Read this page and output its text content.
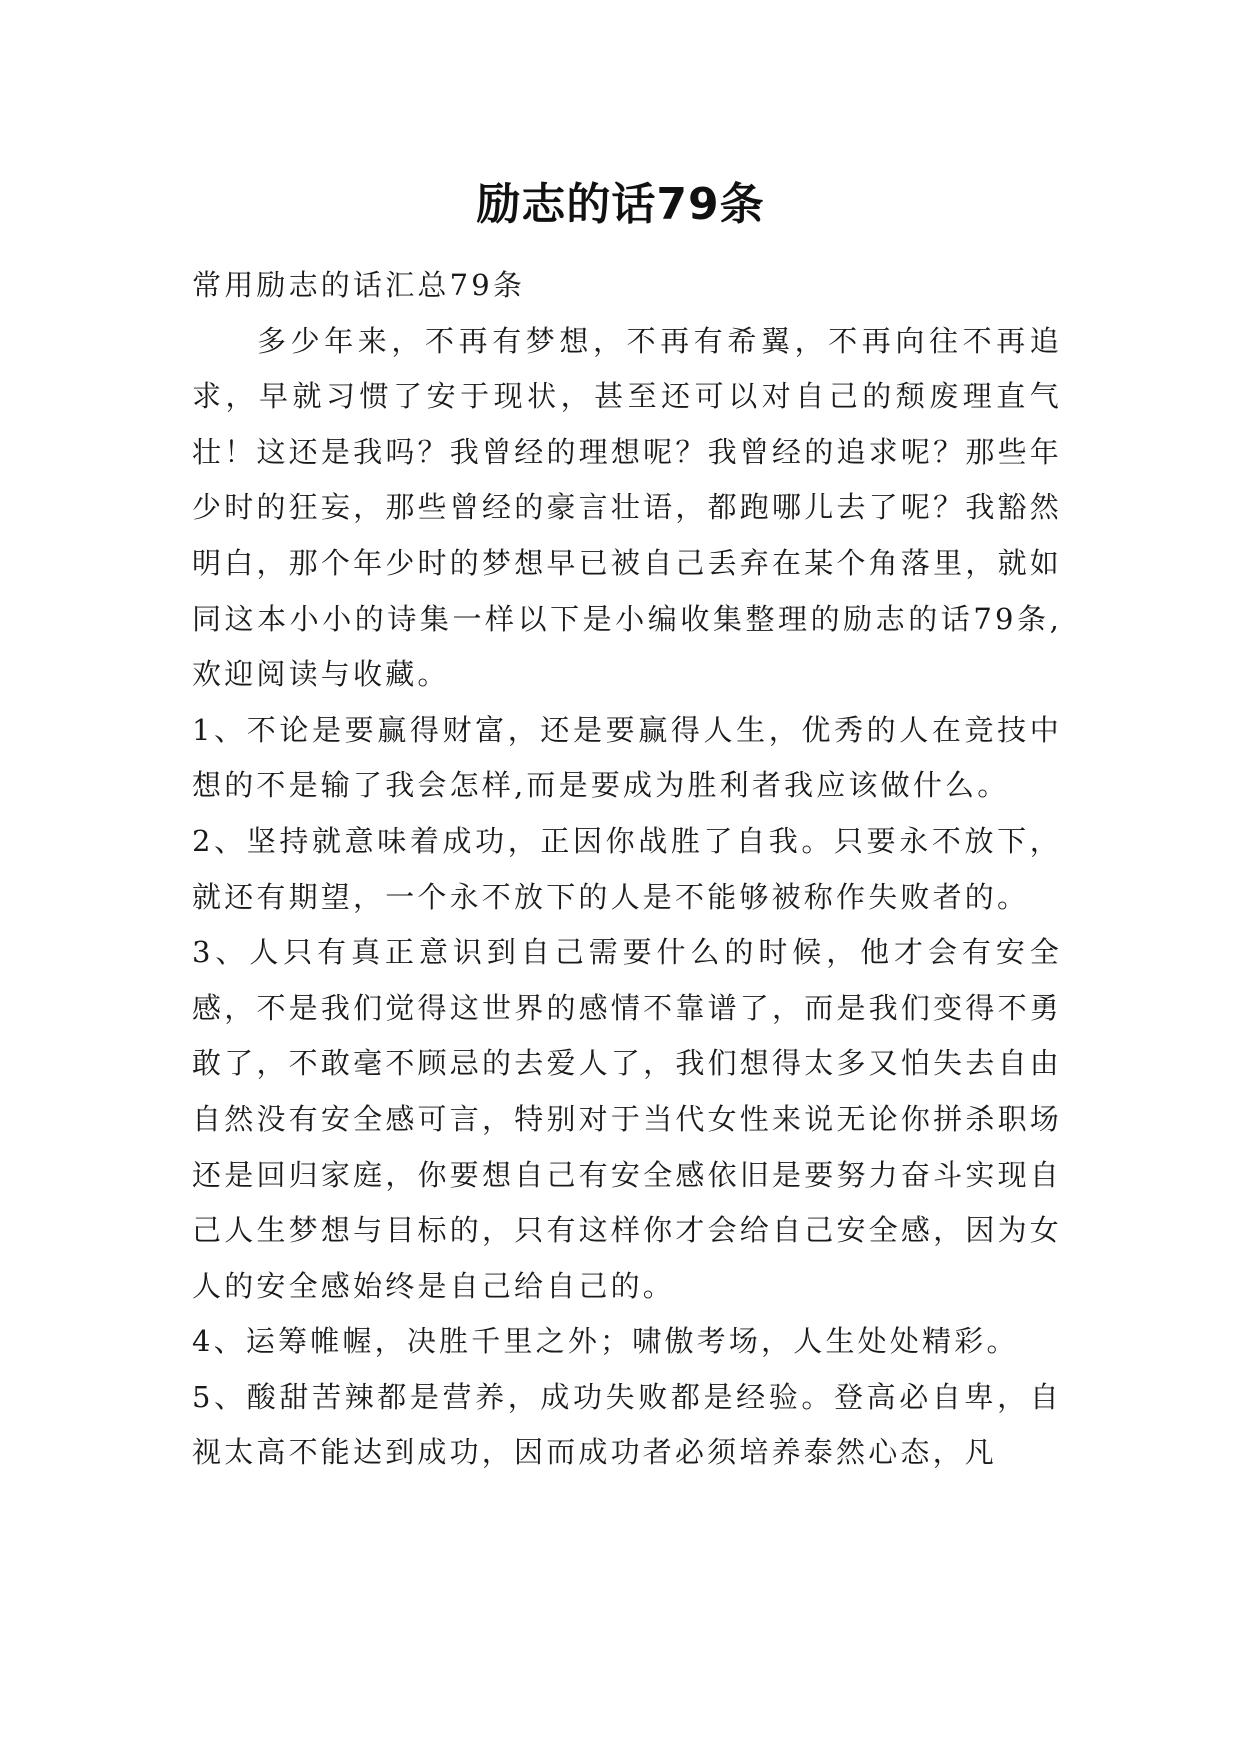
励志的话79条

常用励志的话汇总79条

多少年来，不再有梦想，不再有希翼，不再向往不再追求，早就习惯了安于现状，甚至还可以对自己的颓废理直气壮！这还是我吗？我曾经的理想呢？我曾经的追求呢？那些年少时的狂妄，那些曾经的豪言壮语，都跑哪儿去了呢？我豁然明白，那个年少时的梦想早已被自己丢弃在某个角落里，就如同这本小小的诗集一样以下是小编收集整理的励志的话79条,欢迎阅读与收藏。

1、不论是要赢得财富，还是要赢得人生，优秀的人在竞技中想的不是输了我会怎样,而是要成为胜利者我应该做什么。

2、坚持就意味着成功，正因你战胜了自我。只要永不放下，就还有期望，一个永不放下的人是不能够被称作失败者的。

3、人只有真正意识到自己需要什么的时候，他才会有安全感，不是我们觉得这世界的感情不靠谱了，而是我们变得不勇敢了，不敢毫不顾忌的去爱人了，我们想得太多又怕失去自由自然没有安全感可言，特别对于当代女性来说无论你拼杀职场还是回归家庭，你要想自己有安全感依旧是要努力奋斗实现自己人生梦想与目标的，只有这样你才会给自己安全感，因为女人的安全感始终是自己给自己的。

4、运筹帷幄，决胜千里之外；啸傲考场，人生处处精彩。

5、酸甜苦辣都是营养，成功失败都是经验。登高必自卑，自视太高不能达到成功，因而成功者必须培养泰然心态，凡
